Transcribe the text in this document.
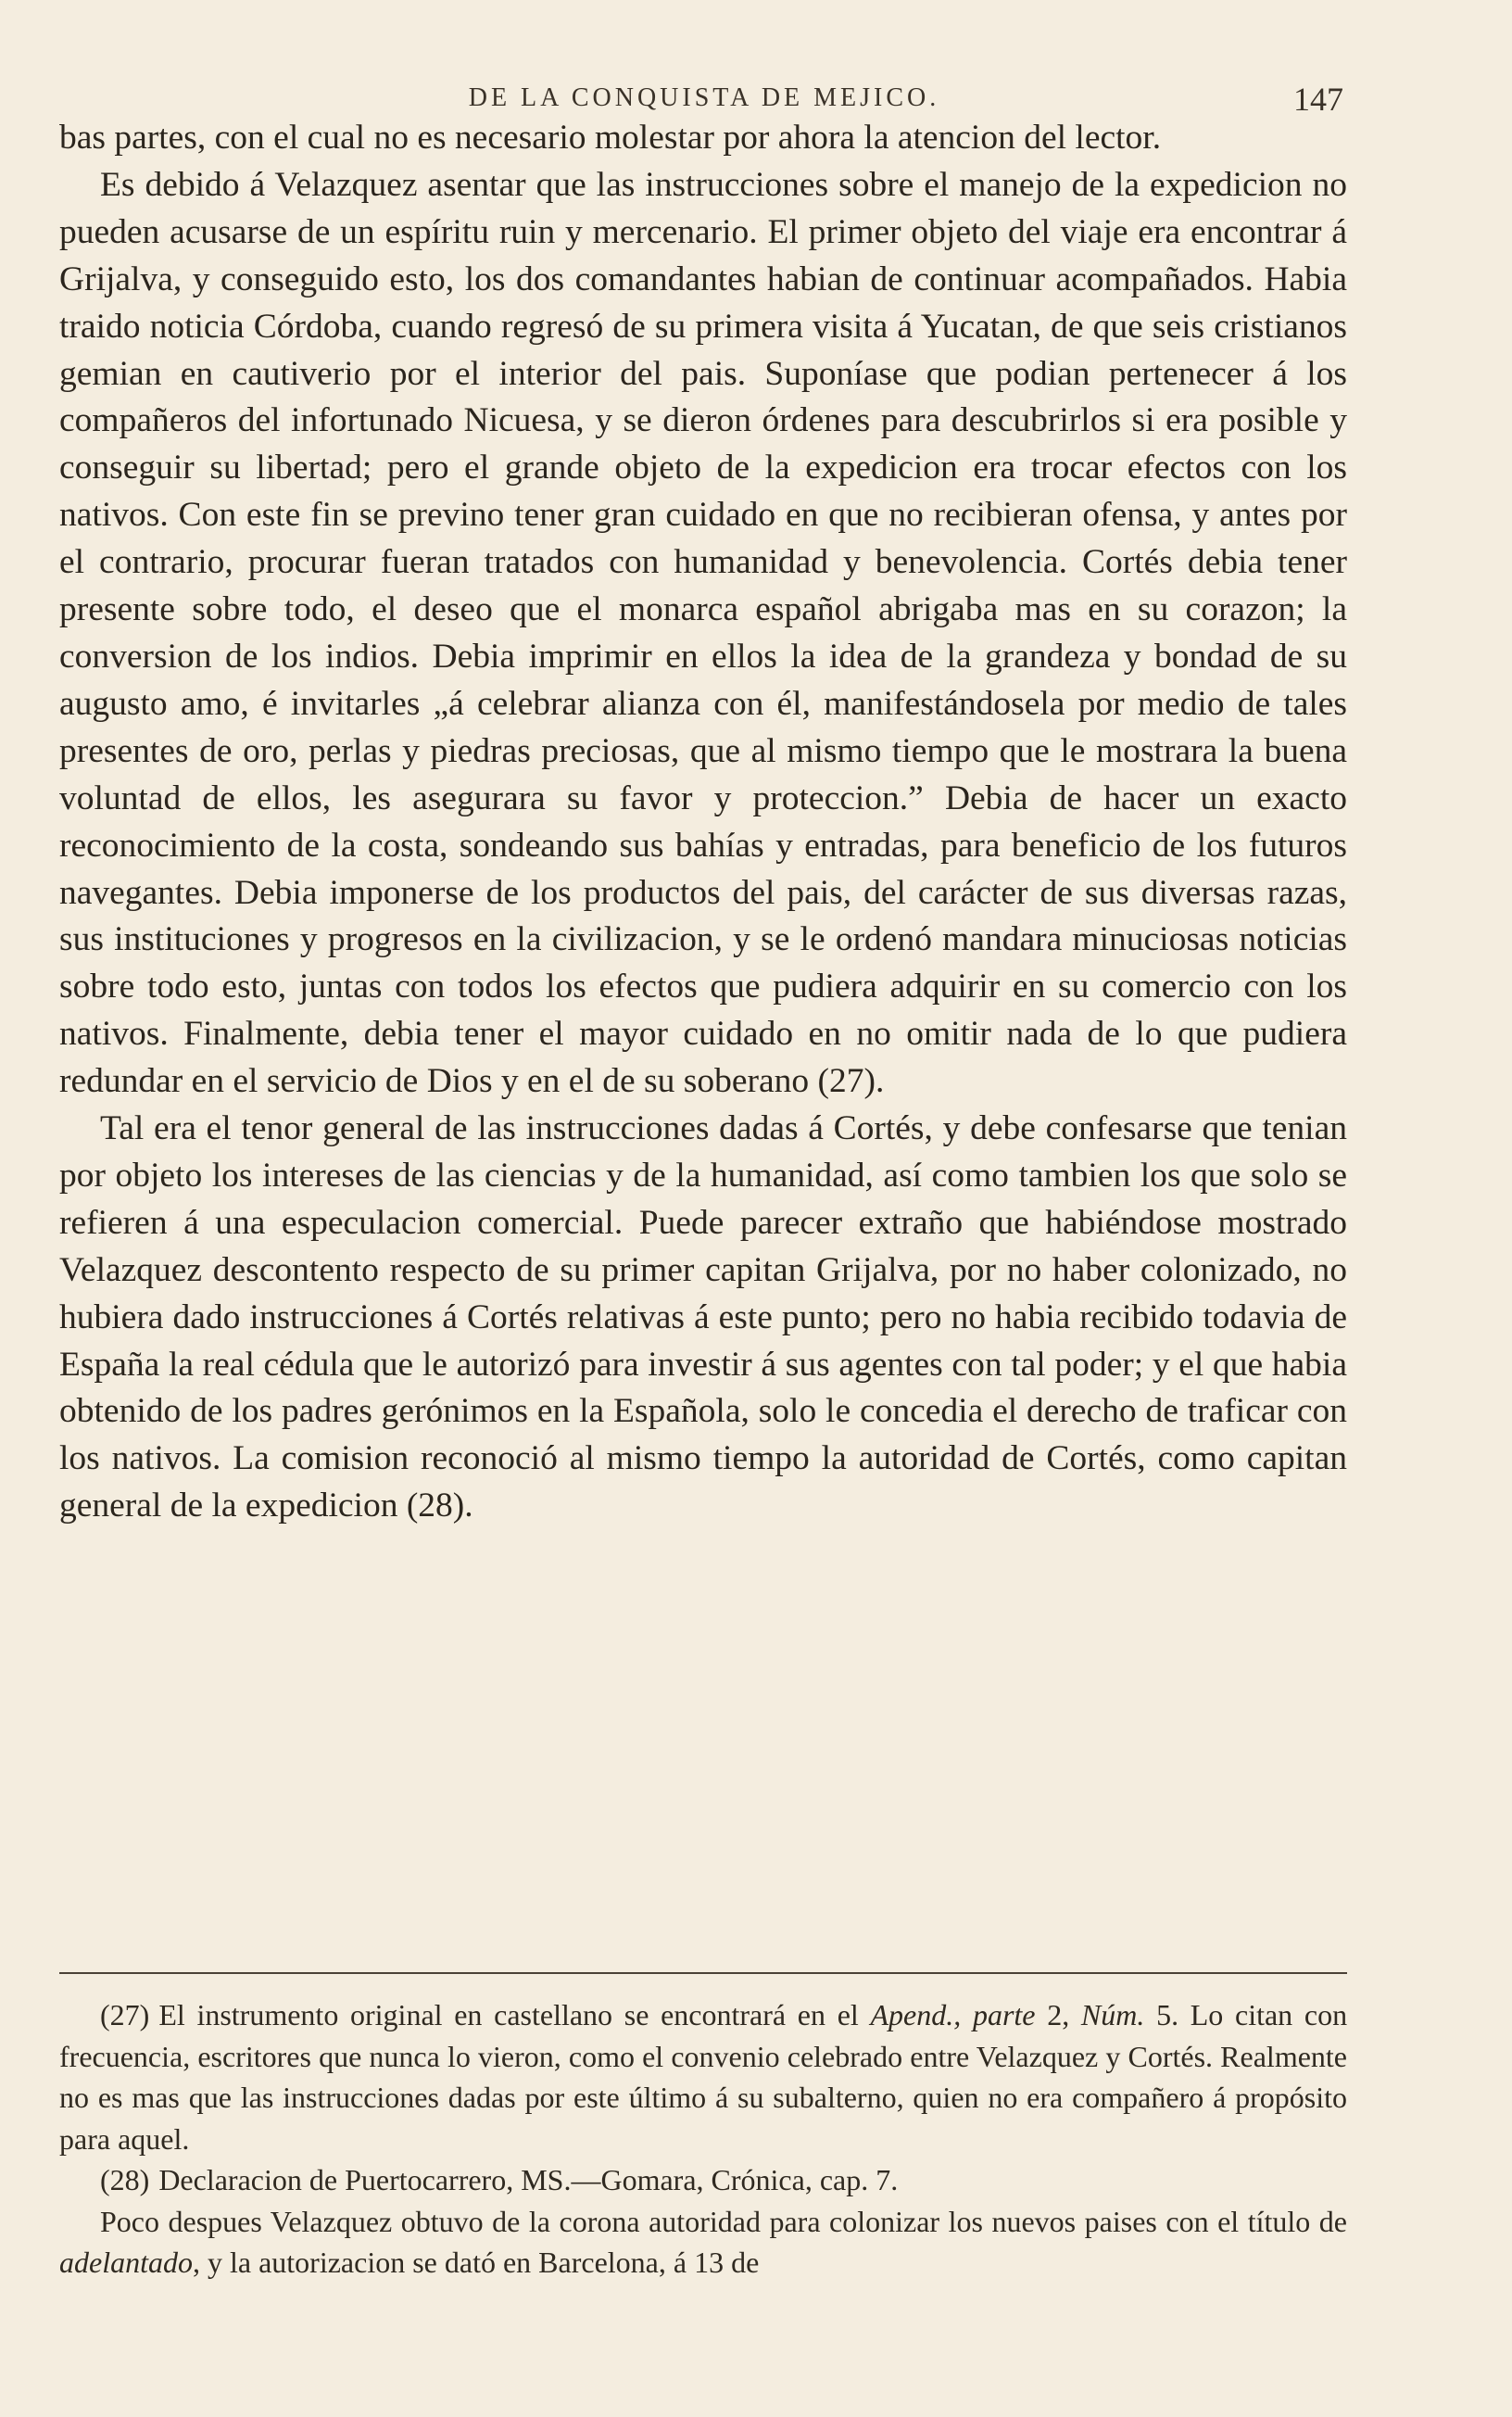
DE LA CONQUISTA DE MEJICO.	147

bas partes, con el cual no es necesario molestar por ahora la atencion del lector.

Es debido á Velazquez asentar que las instrucciones sobre el manejo de la expedicion no pueden acusarse de un espíritu ruin y mercenario. El primer objeto del viaje era encontrar á Grijalva, y conseguido esto, los dos comandantes habian de continuar acompañados. Habia traido noticia Córdoba, cuando regresó de su primera visita á Yucatan, de que seis cristianos gemian en cautiverio por el interior del pais. Suponíase que podian pertenecer á los compañeros del infortunado Nicuesa, y se dieron órdenes para descubrirlos si era posible y conseguir su libertad; pero el grande objeto de la expedicion era trocar efectos con los nativos. Con este fin se previno tener gran cuidado en que no recibieran ofensa, y antes por el contrario, procurar fueran tratados con humanidad y benevolencia. Cortés debia tener presente sobre todo, el deseo que el monarca español abrigaba mas en su corazon; la conversion de los indios. Debia imprimir en ellos la idea de la grandeza y bondad de su augusto amo, é invitarles „á celebrar alianza con él, manifestándosela por medio de tales presentes de oro, perlas y piedras preciosas, que al mismo tiempo que le mostrara la buena voluntad de ellos, les asegurara su favor y proteccion.” Debia de hacer un exacto reconocimiento de la costa, sondeando sus bahías y entradas, para beneficio de los futuros navegantes. Debia imponerse de los productos del pais, del carácter de sus diversas razas, sus instituciones y progresos en la civilizacion, y se le ordenó mandara minuciosas noticias sobre todo esto, juntas con todos los efectos que pudiera adquirir en su comercio con los nativos. Finalmente, debia tener el mayor cuidado en no omitir nada de lo que pudiera redundar en el servicio de Dios y en el de su soberano (27).

Tal era el tenor general de las instrucciones dadas á Cortés, y debe confesarse que tenian por objeto los intereses de las ciencias y de la humanidad, así como tambien los que solo se refieren á una especulacion comercial. Puede parecer extraño que habiéndose mostrado Velazquez descontento respecto de su primer capitan Grijalva, por no haber colonizado, no hubiera dado instrucciones á Cortés relativas á este punto; pero no habia recibido todavia de España la real cédula que le autorizó para investir á sus agentes con tal poder; y el que habia obtenido de los padres gerónimos en la Española, solo le concedia el derecho de traficar con los nativos. La comision reconoció al mismo tiempo la autoridad de Cortés, como capitan general de la expedicion (28).

(27) El instrumento original en castellano se encontrará en el Apend., parte 2, Núm. 5. Lo citan con frecuencia, escritores que nunca lo vieron, como el convenio celebrado entre Velazquez y Cortés. Realmente no es mas que las instrucciones dadas por este último á su subalterno, quien no era compañero á propósito para aquel.

(28) Declaracion de Puertocarrero, MS.—Gomara, Crónica, cap. 7.

Poco despues Velazquez obtuvo de la corona autoridad para colonizar los nuevos paises con el título de adelantado, y la autorizacion se dató en Barcelona, á 13 de
